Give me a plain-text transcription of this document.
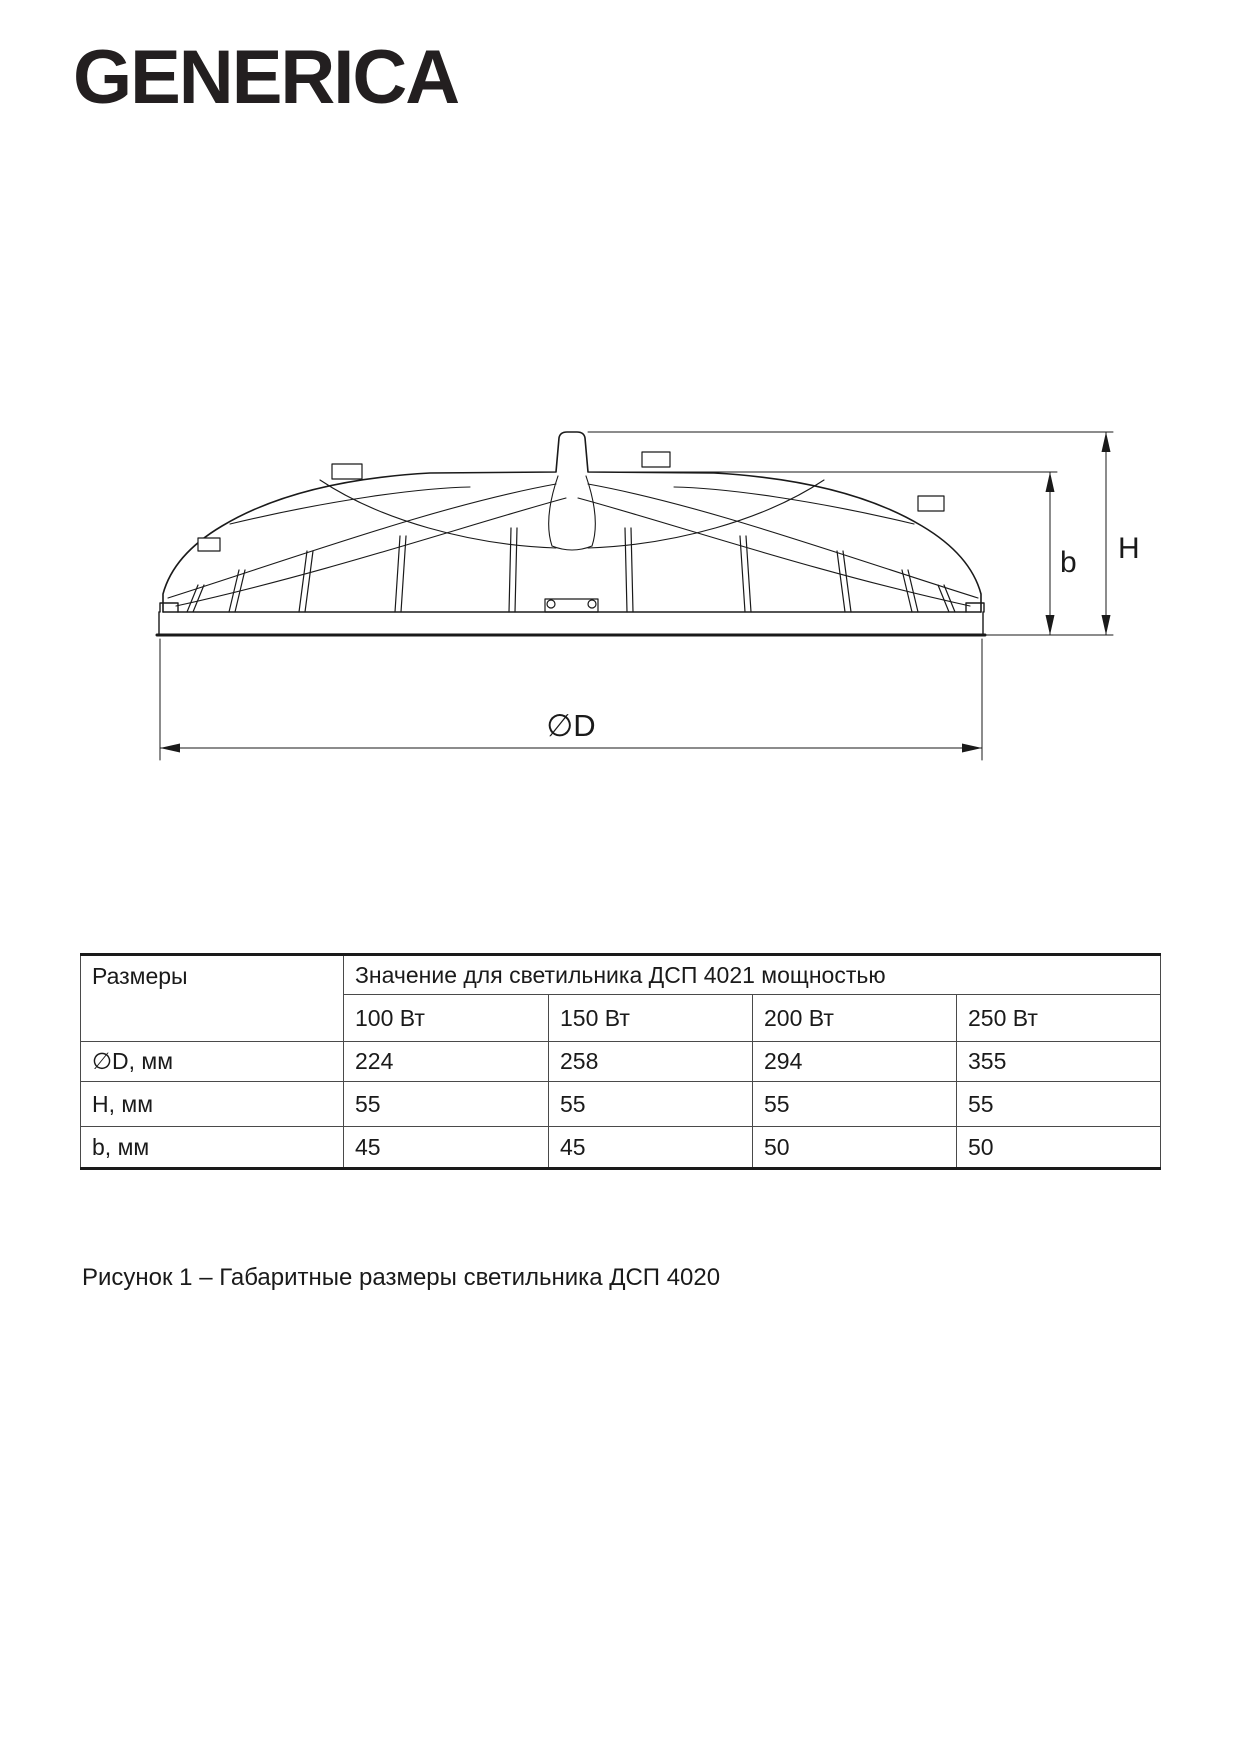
GENERICA
H
b
∅D
Размеры	Значение для светильника ДСП 4021 мощностью			
	100 Вт	150 Вт	200 Вт	250 Вт
∅D, мм	224	258	294	355
H, мм	55	55	55	55
b, мм	45	45	50	50
Рисунок 1 – Габаритные размеры светильника ДСП 4020
